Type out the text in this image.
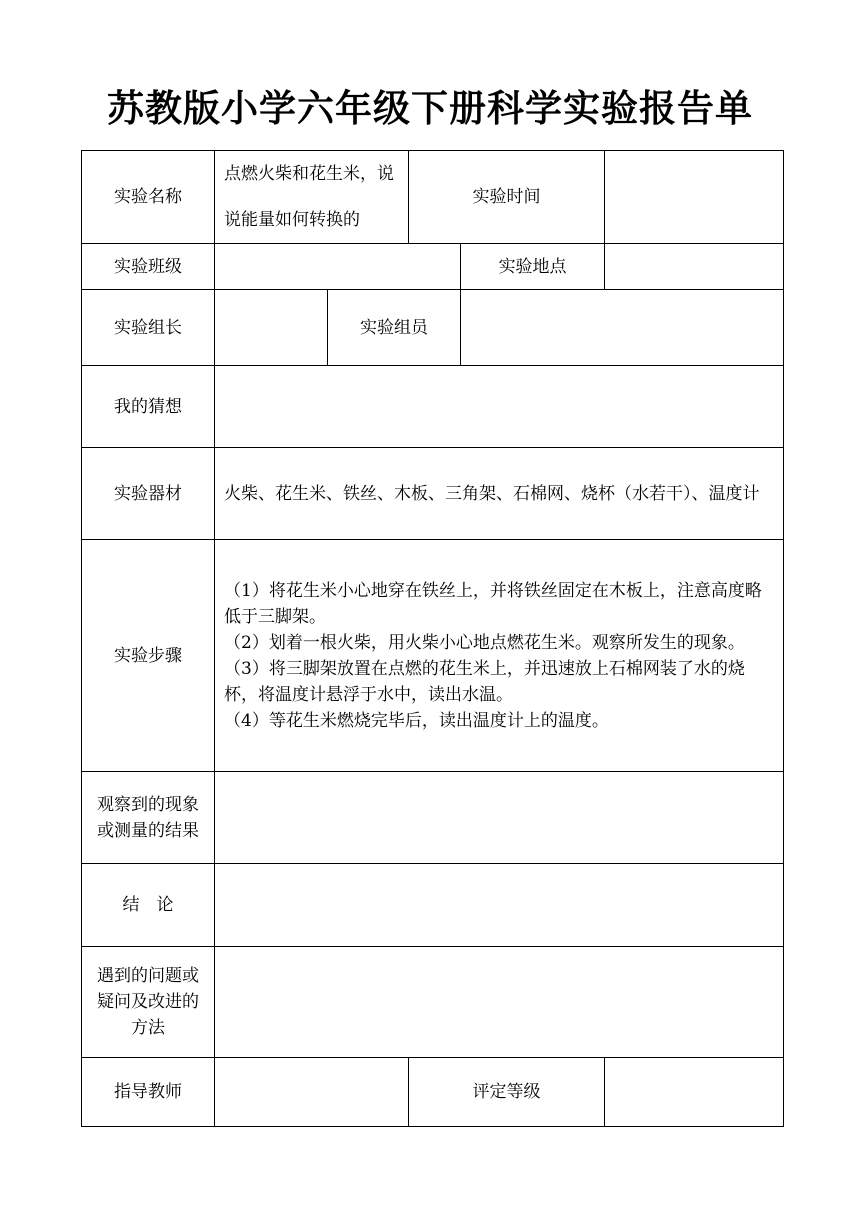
苏教版小学六年级下册科学实验报告单
实验名称	点燃火柴和花生米，说说能量如何转换的		实验时间		
实验班级				实验地点	
实验组长		实验组员			
我的猜想					
实验器材	火柴、花生米、铁丝、木板、三角架、石棉网、烧杯（水若干）、温度计				
实验步骤	（1）将花生米小心地穿在铁丝上，并将铁丝固定在木板上，注意高度略低于三脚架。

（2）划着一根火柴，用火柴小心地点燃花生米。观察所发生的现象。

（3）将三脚架放置在点燃的花生米上，并迅速放上石棉网装了水的烧杯，将温度计悬浮于水中，读出水温。

（4）等花生米燃烧完毕后，读出温度计上的温度。				

观察到的现象或测量的结果					
结　论					
遇到的问题或疑问及改进的方法					
指导教师			评定等级		
